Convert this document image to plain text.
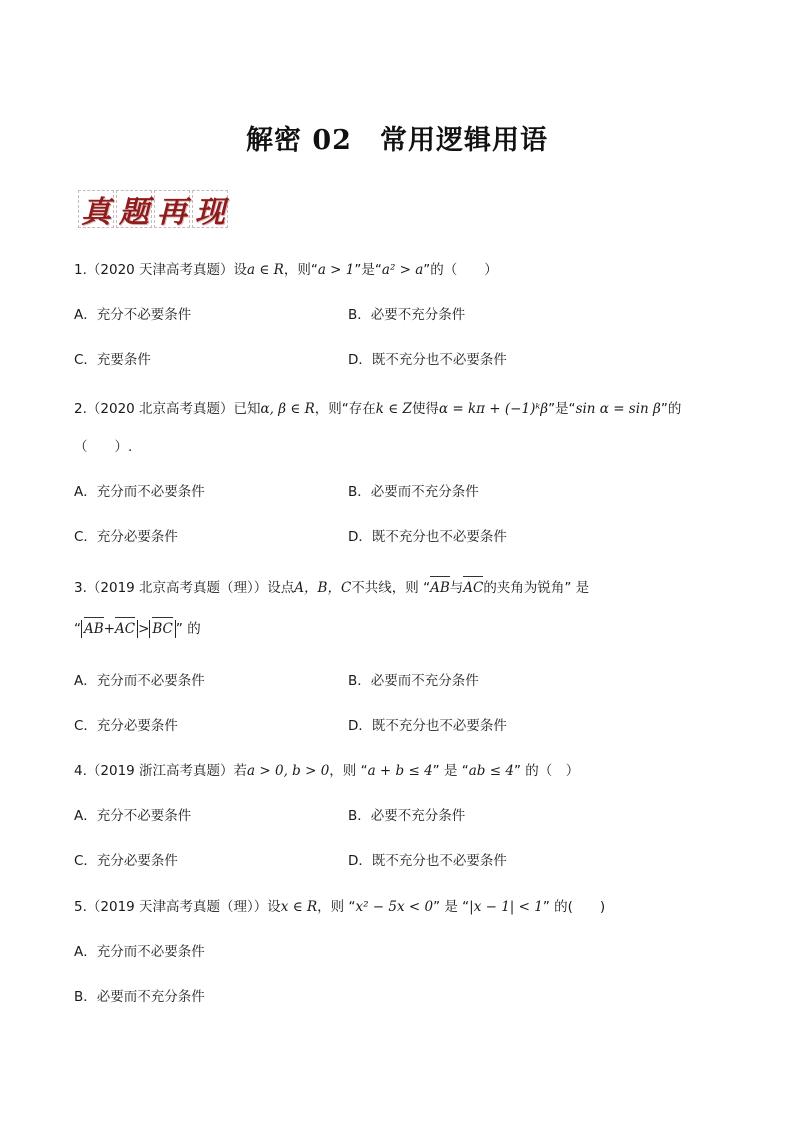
解密 02 常用逻辑用语
真 题 再 现
1.（2020 天津高考真题）设a ∈ R，则“a > 1”是“a² > a”的（　　）
A．充分不必要条件	B．必要不充分条件
C．充要条件	D．既不充分也不必要条件
2.（2020 北京高考真题）已知α, β ∈ R，则“存在k ∈ Z使得α = kπ + (−1)ᵏβ”是“sin α = sin β”的
（　　）.
A．充分而不必要条件	B．必要而不充分条件
C．充分必要条件	D．既不充分也不必要条件
3.（2019 北京高考真题（理））设点A，B，C不共线，则 “AB与AC的夹角为锐角” 是
“ AB+AC > BC ” 的
A．充分而不必要条件	B．必要而不充分条件
C．充分必要条件	D．既不充分也不必要条件
4.（2019 浙江高考真题）若a > 0, b > 0，则 “a + b ≤ 4” 是 “ab ≤ 4” 的（　）
A．充分不必要条件	B．必要不充分条件
C．充分必要条件	D．既不充分也不必要条件
5.（2019 天津高考真题（理））设x ∈ R，则 “x² − 5x < 0” 是 “|x − 1| < 1” 的(　　)
A．充分而不必要条件
B．必要而不充分条件
